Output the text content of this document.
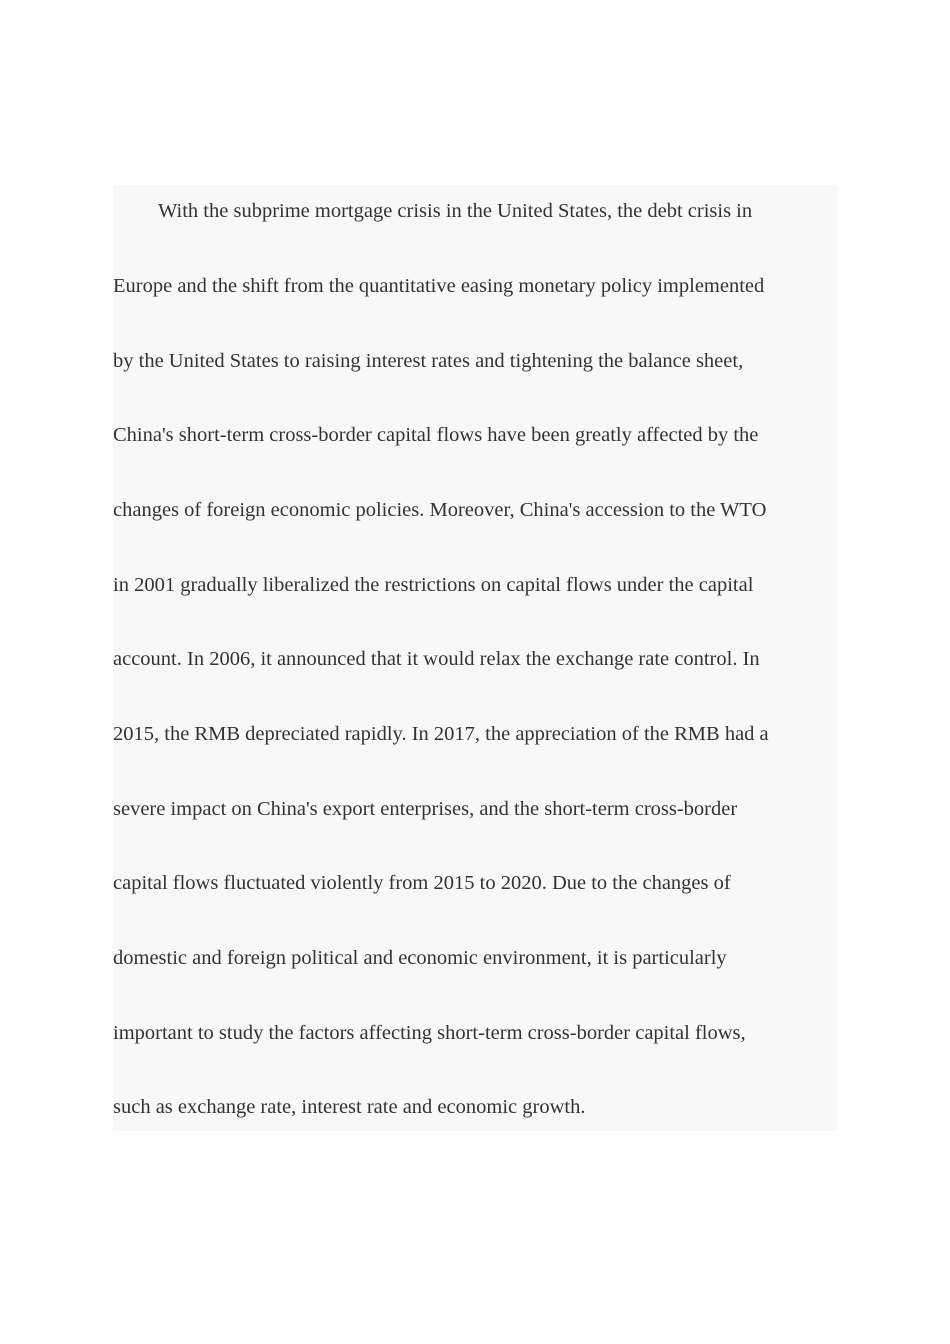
With the subprime mortgage crisis in the United States, the debt crisis in
Europe and the shift from the quantitative easing monetary policy implemented
by the United States to raising interest rates and tightening the balance sheet,
China's short-term cross-border capital flows have been greatly affected by the
changes of foreign economic policies. Moreover, China's accession to the WTO
in 2001 gradually liberalized the restrictions on capital flows under the capital
account. In 2006, it announced that it would relax the exchange rate control. In
2015, the RMB depreciated rapidly. In 2017, the appreciation of the RMB had a
severe impact on China's export enterprises, and the short-term cross-border
capital flows fluctuated violently from 2015 to 2020. Due to the changes of
domestic and foreign political and economic environment, it is particularly
important to study the factors affecting short-term cross-border capital flows,
such as exchange rate, interest rate and economic growth.
